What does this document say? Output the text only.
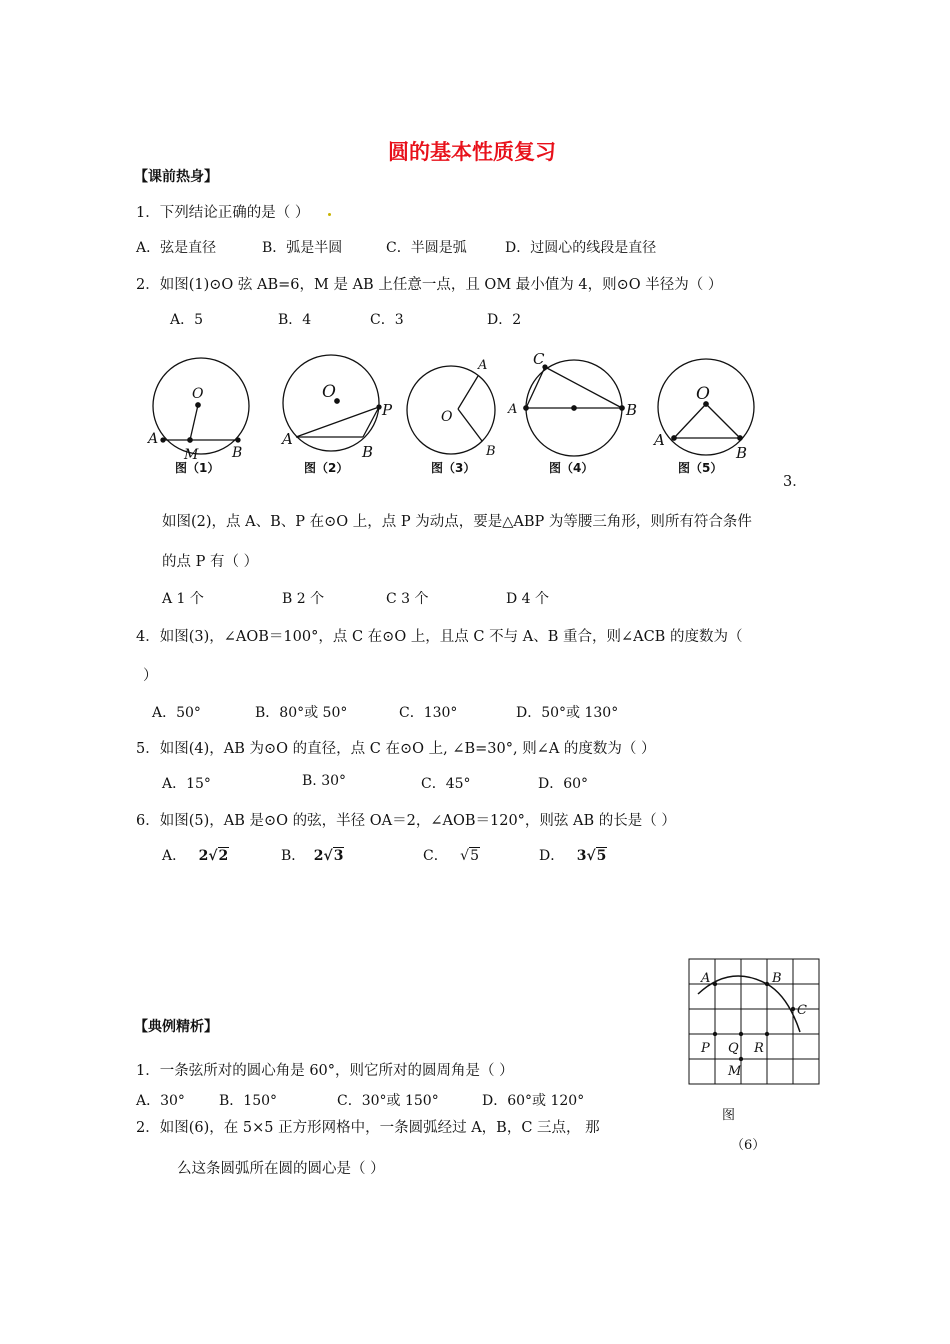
圆的基本性质复习
【课前热身】
1．下列结论正确的是（ ）
A．弦是直径	B．弧是半圆	C．半圆是弧	D．过圆心的线段是直径
2．如图(1)⊙O 弦 AB=6，M 是 AB 上任意一点，且 OM 最小值为 4，则⊙O 半径为（ ）
A．5	B．4	C．3	D．2
O
A
M B
O
A
B
P	O
A
B
A
C
B
O
A
B
图（1）	图（2）	图（3）	图（4）	图（5）
3．
如图(2)，点 A、B、P 在⊙O 上，点 P 为动点，要是△ABP 为等腰三角形，则所有符合条件
的点 P 有（ ）
A 1 个	B 2 个	C 3 个	D 4 个
4．如图(3)，∠AOB＝100°，点 C 在⊙O 上，且点 C 不与 A、B 重合，则∠ACB 的度数为（
）
A．50°	B．80°或 50°	C．130°	D．50°或 130°
5．如图(4)，AB 为⊙O 的直径，点 C 在⊙O 上, ∠B=30°, 则∠A 的度数为（ ）
A．15°	B. 30°	C．45°	D．60°
6．如图(5)，AB 是⊙O 的弦，半径 OA＝2，∠AOB＝120°，则弦 AB 的长是（ ）
A． 2√2	B． 2√3	C． √5	D． 3√5
A	B
C
P Q R
M
图
（6）
【典例精析】
1．一条弦所对的圆心角是 60°，则它所对的圆周角是（ ）
A．30° B．150°	C．30°或 150°	D．60°或 120°
2．如图(6)，在 5×5 正方形网格中，一条圆弧经过 A，B，C 三点， 那
么这条圆弧所在圆的圆心是（ ）
